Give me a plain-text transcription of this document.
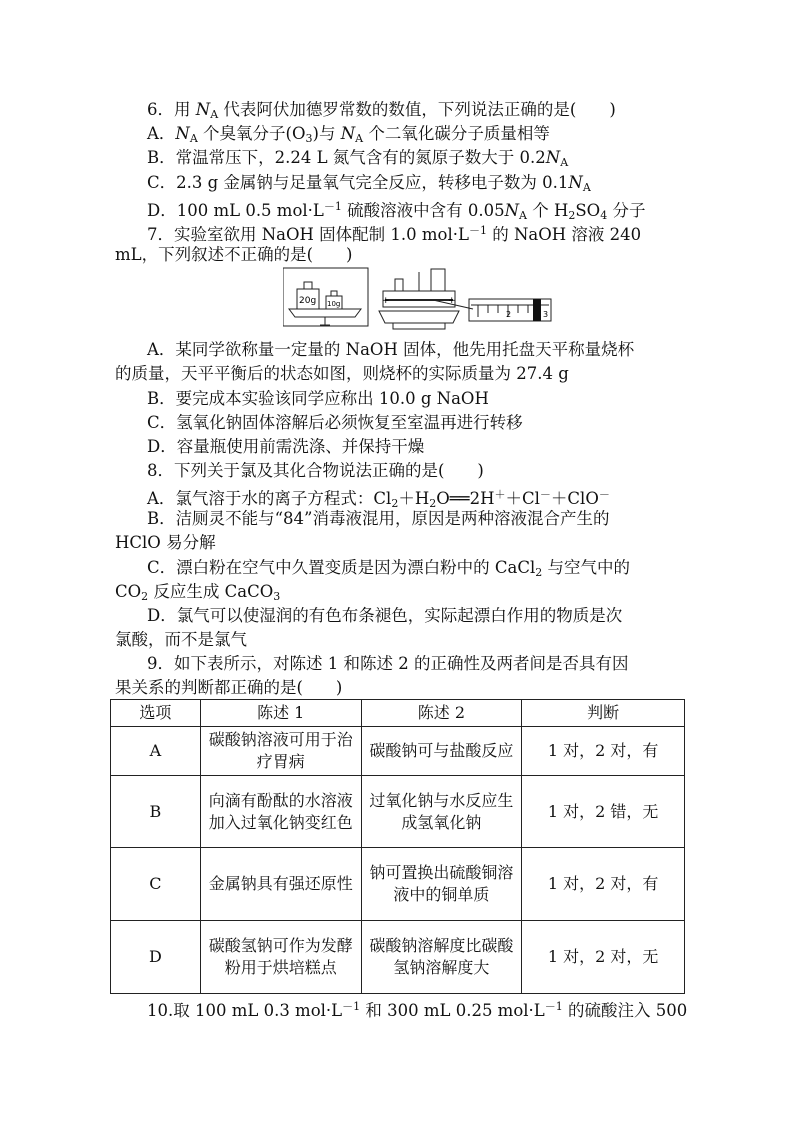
6．用 $N_A$ 代表阿伏加德罗常数的数值，下列说法正确的是(　　)
A．$N_A$ 个臭氧分子$(O_3)$与 $N_A$ 个二氧化碳分子质量相等
B．常温常压下，2.24 L 氮气含有的氮原子数大于 $0.2N_A$
C．2.3 g 金属钠与足量氧气完全反应，转移电子数为 $0.1N_A$
D．100 mL 0.5 $mol\cdot L^{-1}$ 硫酸溶液中含有 $0.05N_A$ 个 $H_2SO_4$ 分子
7．实验室欲用 NaOH 固体配制 1.0 $mol\cdot L^{-1}$ 的 NaOH 溶液 240
mL，下列叙述不正确的是(　　)
20g 10g	+	+
2	3
A．某同学欲称量一定量的 NaOH 固体，他先用托盘天平称量烧杯
的质量，天平平衡后的状态如图，则烧杯的实际质量为 27.4 g
B．要完成本实验该同学应称出 10.0 g NaOH
C．氢氧化钠固体溶解后必须恢复至室温再进行转移
D．容量瓶使用前需洗涤、并保持干燥
8．下列关于氯及其化合物说法正确的是(　　)
A．氯气溶于水的离子方程式：$Cl_2+H_2O══2H^++Cl^-+ClO^-$
B．洁厕灵不能与“84”消毒液混用，原因是两种溶液混合产生的
HClO 易分解
C．漂白粉在空气中久置变质是因为漂白粉中的 CaCl$_2$ 与空气中的
$CO_2$ 反应生成 CaCO$_3$
D．氯气可以使湿润的有色布条褪色，实际起漂白作用的物质是次
氯酸，而不是氯气
9．如下表所示，对陈述 1 和陈述 2 的正确性及两者间是否具有因
果关系的判断都正确的是(　　)
选项	陈述 1	陈述 2	判断
A	碳酸钠溶液可用于治疗胃病	碳酸钠可与盐酸反应	1 对，2 对，有
B	向滴有酚酞的水溶液加入过氧化钠变红色	过氧化钠与水反应生成氢氧化钠	1 对，2 错，无
C	金属钠具有强还原性	钠可置换出硫酸铜溶液中的铜单质	1 对，2 对，有
D	碳酸氢钠可作为发酵粉用于烘培糕点	碳酸钠溶解度比碳酸氢钠溶解度大	1 对，2 对，无
10.取 100 mL 0.3 $mol\cdot L^{-1}$ 和 300 mL 0.25 $mol\cdot L^{-1}$ 的硫酸注入 500
